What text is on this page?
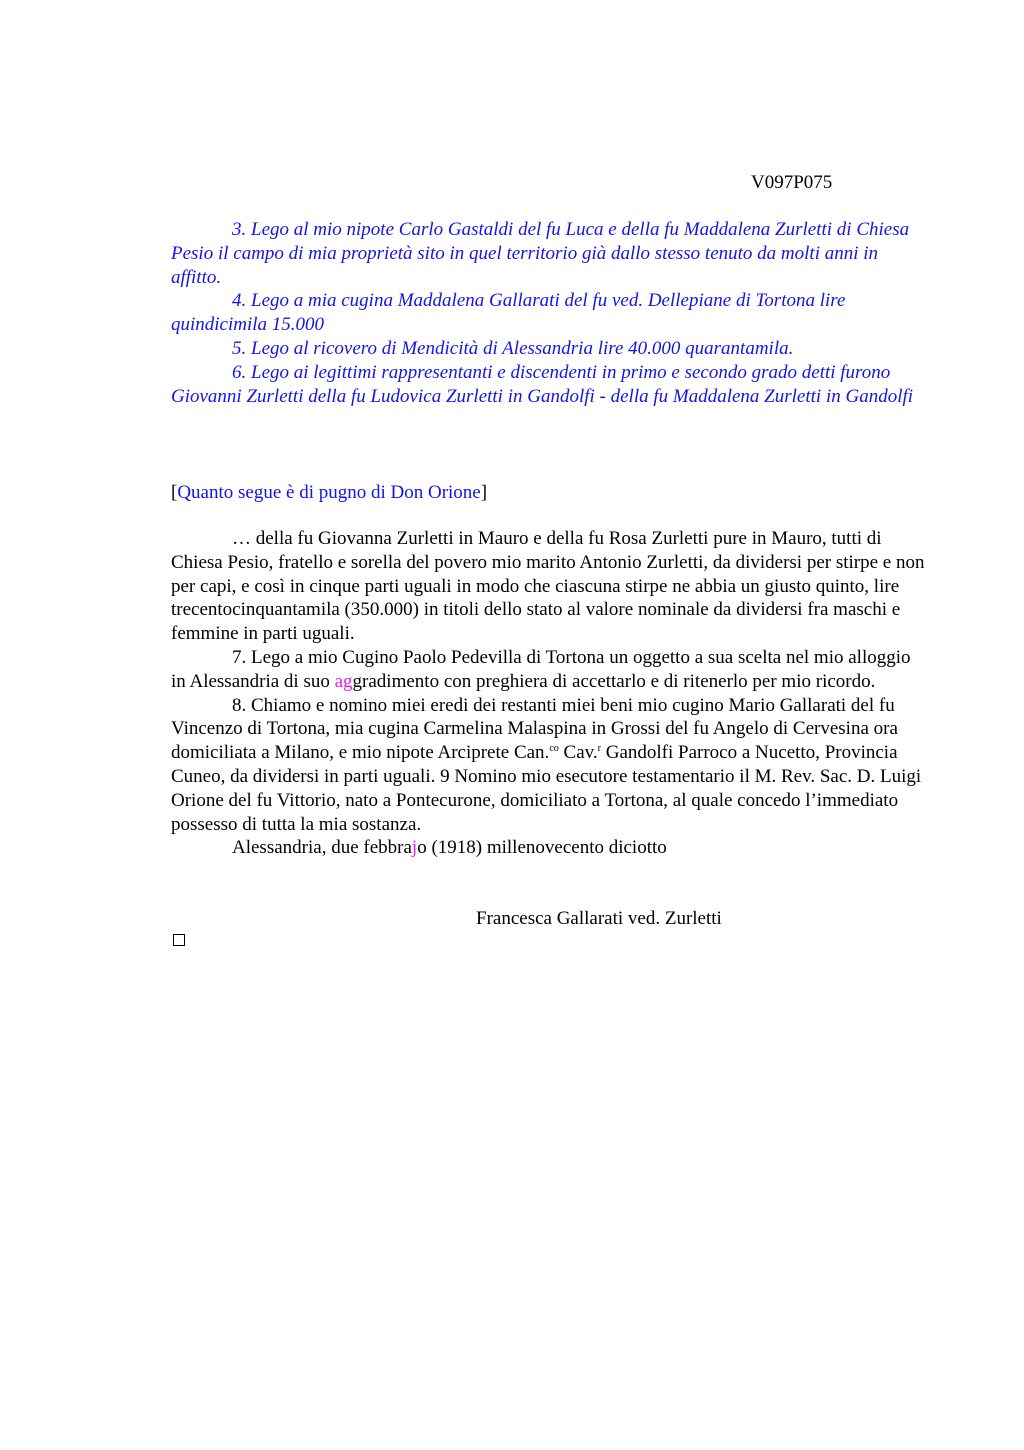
V097P075

3. Lego al mio nipote Carlo Gastaldi del fu Luca e della fu Maddalena Zurletti di Chiesa Pesio il campo di mia proprietà sito in quel territorio già dallo stesso tenuto da molti anni in affitto.

4. Lego a mia cugina Maddalena Gallarati del fu ved. Dellepiane di Tortona lire quindicimila 15.000

5. Lego al ricovero di Mendicità di Alessandria lire 40.000 quarantamila.

6. Lego ai legittimi rappresentanti e discendenti in primo e secondo grado detti furono Giovanni Zurletti della fu Ludovica Zurletti in Gandolfi - della fu Maddalena Zurletti in Gandolfi

[Quanto segue è di pugno di Don Orione]

… della fu Giovanna Zurletti in Mauro e della fu Rosa Zurletti pure in Mauro, tutti di Chiesa Pesio, fratello e sorella del povero mio marito Antonio Zurletti, da dividersi per stirpe e non per capi, e così in cinque parti uguali in modo che ciascuna stirpe ne abbia un giusto quinto, lire trecentocinquantamila (350.000) in titoli dello stato al valore nominale da dividersi fra maschi e femmine in parti uguali.

7. Lego a mio Cugino Paolo Pedevilla di Tortona un oggetto a sua scelta nel mio alloggio in Alessandria di suo aggradimento con preghiera di accettarlo e di ritenerlo per mio ricordo.

8. Chiamo e nomino miei eredi dei restanti miei beni mio cugino Mario Gallarati del fu Vincenzo di Tortona, mia cugina Carmelina Malaspina in Grossi del fu Angelo di Cervesina ora domiciliata a Milano, e mio nipote Arciprete Can.$^{co}$ Cav.$^r$ Gandolfi Parroco a Nucetto, Provincia Cuneo, da dividersi in parti uguali. 9 Nomino mio esecutore testamentario il M. Rev. Sac. D. Luigi Orione del fu Vittorio, nato a Pontecurone, domiciliato a Tortona, al quale concedo l’immediato possesso di tutta la mia sostanza.

Alessandria, due febbrajo (1918) millenovecento diciotto

Francesca Gallarati ved. Zurletti
